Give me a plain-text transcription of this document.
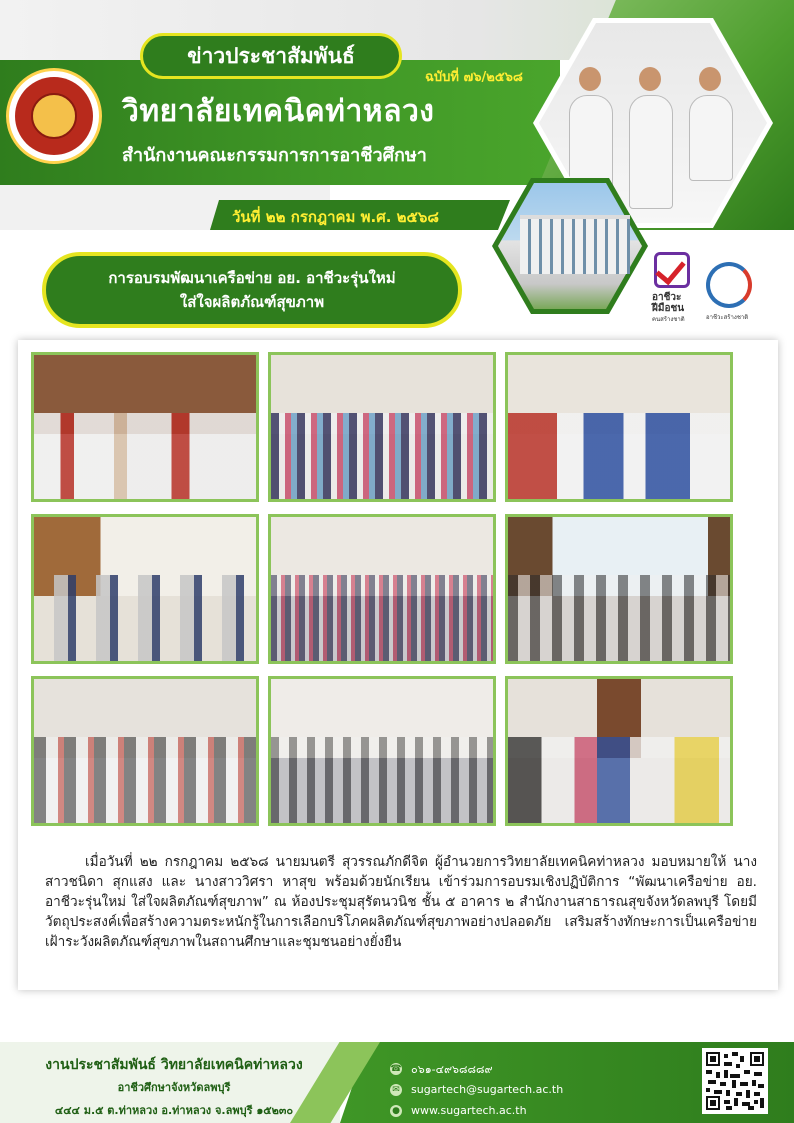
ข่าวประชาสัมพันธ์
ฉบับที่ ๗๖/๒๕๖๘
วิทยาลัยเทคนิคท่าหลวง
สำนักงานคณะกรรมการการอาชีวศึกษา
วันที่ ๒๒ กรกฎาคม พ.ศ. ๒๕๖๘
การอบรมพัฒนาเครือข่าย อย. อาชีวะรุ่นใหม่
ใส่ใจผลิตภัณฑ์สุขภาพ	อาชีวะ ฝีมือชน
คนสร้างชาติ	อาชีวะสร้างชาติ
เมื่อวันที่ ๒๒ กรกฎาคม ๒๕๖๘ นายมนตรี สุวรรณภักดีจิต ผู้อำนวยการวิทยาลัยเทคนิคท่าหลวง มอบหมายให้ นางสาวชนิดา สุกแสง และ นางสาววิศรา หาสุข พร้อมด้วยนักเรียน เข้าร่วมการอบรมเชิงปฏิบัติการ “พัฒนาเครือข่าย อย. อาชีวะรุ่นใหม่ ใส่ใจผลิตภัณฑ์สุขภาพ” ณ ห้องประชุมสุรัตนวนิช ชั้น ๕ อาคาร ๒ สำนักงานสาธารณสุขจังหวัดลพบุรี โดยมีวัตถุประสงค์เพื่อสร้างความตระหนักรู้ในการเลือกบริโภคผลิตภัณฑ์สุขภาพอย่างปลอดภัย เสริมสร้างทักษะการเป็นเครือข่ายเฝ้าระวังผลิตภัณฑ์สุขภาพในสถานศึกษาและชุมชนอย่างยั่งยืน
งานประชาสัมพันธ์ วิทยาลัยเทคนิคท่าหลวง
อาชีวศึกษาจังหวัดลพบุรี
๔๔๔ ม.๕ ต.ท่าหลวง อ.ท่าหลวง จ.ลพบุรี ๑๕๒๓๐
☎ ๐๖๑-๔๙๖๘๘๘๙
✉ sugartech@sugartech.ac.th
● www.sugartech.ac.th
